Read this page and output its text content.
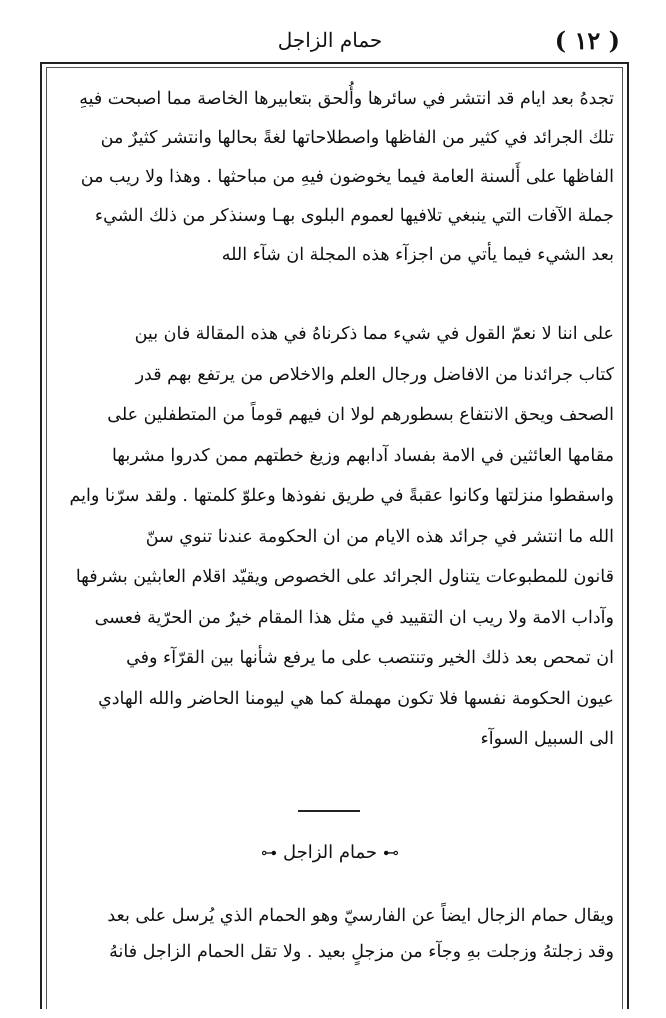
( ١٢ )
حمام الزاجل
تجدهُ بعد ايام قد انتشر في سائرها وأُلحق بتعابيرها الخاصة مما اصبحت فيهِ
تلك الجرائد في كثير من الفاظها واصطلاحاتها لغةً بحالها وانتشر كثيرٌ من
الفاظها على أَلسنة العامة فيما يخوضون فيهِ من مباحثها . وهذا ولا ريب من
جملة الآفات التي ينبغي تلافيها لعموم البلوى بهـا وسنذكر من ذلك الشيء
بعد الشيء فيما يأتي من اجزآء هذه المجلة ان شآء الله
على اننا لا نعمّ القول في شيء مما ذكرناهُ في هذه المقالة فان بين
كتاب جرائدنا من الافاضل ورجال العلم والاخلاص من يرتفع بهم قدر
الصحف ويحق الانتفاع بسطورهم لولا ان فيهم قوماً من المتطفلين على
مقامها العائثين في الامة بفساد آدابهم وزيغ خطتهم ممن كدروا مشربها
واسقطوا منزلتها وكانوا عقبةً في طريق نفوذها وعلوّ كلمتها . ولقد سرّنا وايم
الله ما انتشر في جرائد هذه الايام من ان الحكومة عندنا تنوي سنّ
قانون للمطبوعات يتناول الجرائد على الخصوص ويقيّد اقلام العابثين بشرفها
وآداب الامة ولا ريب ان التقييد في مثل هذا المقام خيرٌ من الحرّية فعسى
ان تمحص بعد ذلك الخير وتنتصب على ما يرفع شأنها بين القرّآء وفي
عيون الحكومة نفسها فلا تكون مهملة كما هي ليومنا الحاضر والله الهادي
الى السبيل السوآء
⊶حمام الزاجل⊷
ويقال حمام الزجال ايضاً عن الفارسيّ وهو الحمام الذي يُرسل على بعد
وقد زجلتهُ وزجلت بهِ وجآء من مزجلٍ بعيد . ولا تقل الحمام الزاجل فانهُ
